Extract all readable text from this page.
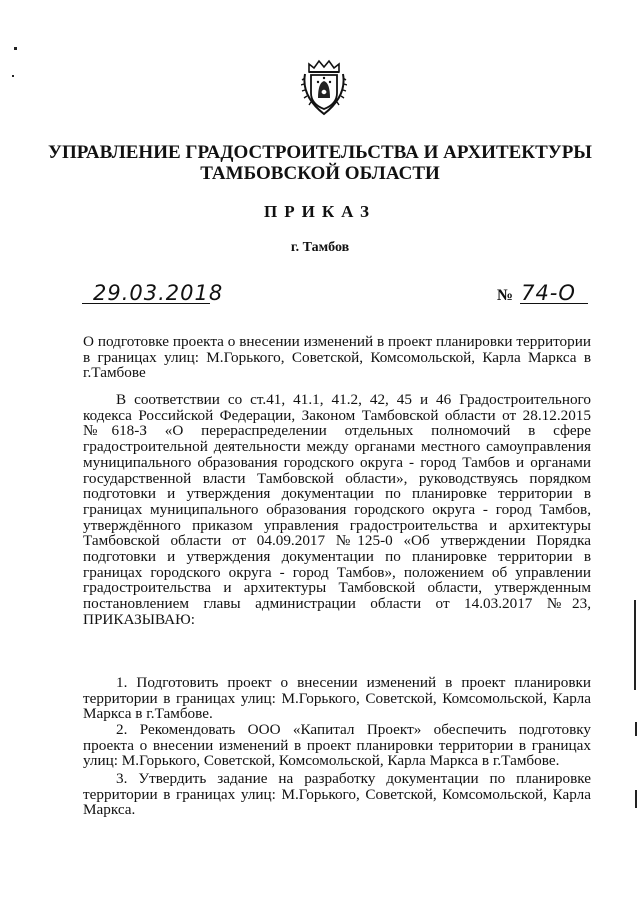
УПРАВЛЕНИЕ ГРАДОСТРОИТЕЛЬСТВА И АРХИТЕКТУРЫ
ТАМБОВСКОЙ ОБЛАСТИ
ПРИКАЗ
г. Тамбов
29.03.2018	№ 74-О
О подготовке проекта о внесении изменений в проект планировки территории в границах улиц: М.Горького, Советской, Комсомольской, Карла Маркса в г.Тамбове
В соответствии со ст.41, 41.1, 41.2, 42, 45 и 46 Градостроительного кодекса Российской Федерации, Законом Тамбовской области от 28.12.2015 №618-З «О перераспределении отдельных полномочий в сфере градостроительной деятельности между органами местного самоуправления муниципального образования городского округа - город Тамбов и органами государственной власти Тамбовской области», руководствуясь порядком подготовки и утверждения документации по планировке территории в границах муниципального образования городского округа - город Тамбов, утверждённого приказом управления градостроительства и архитектуры Тамбовской области от 04.09.2017 №125-0 «Об утверждении Порядка подготовки и утверждения документации по планировке территории в границах городского округа - город Тамбов», положением об управлении градостроительства и архитектуры Тамбовской области, утвержденным постановлением главы администрации области от 14.03.2017 №23, ПРИКАЗЫВАЮ:
1. Подготовить проект о внесении изменений в проект планировки территории в границах улиц: М.Горького, Советской, Комсомольской, Карла Маркса в г.Тамбове.
2. Рекомендовать ООО «Капитал Проект» обеспечить подготовку проекта о внесении изменений в проект планировки территории в границах улиц: М.Горького, Советской, Комсомольской, Карла Маркса в г.Тамбове.
3. Утвердить задание на разработку документации по планировке территории в границах улиц: М.Горького, Советской, Комсомольской, Карла Маркса.
